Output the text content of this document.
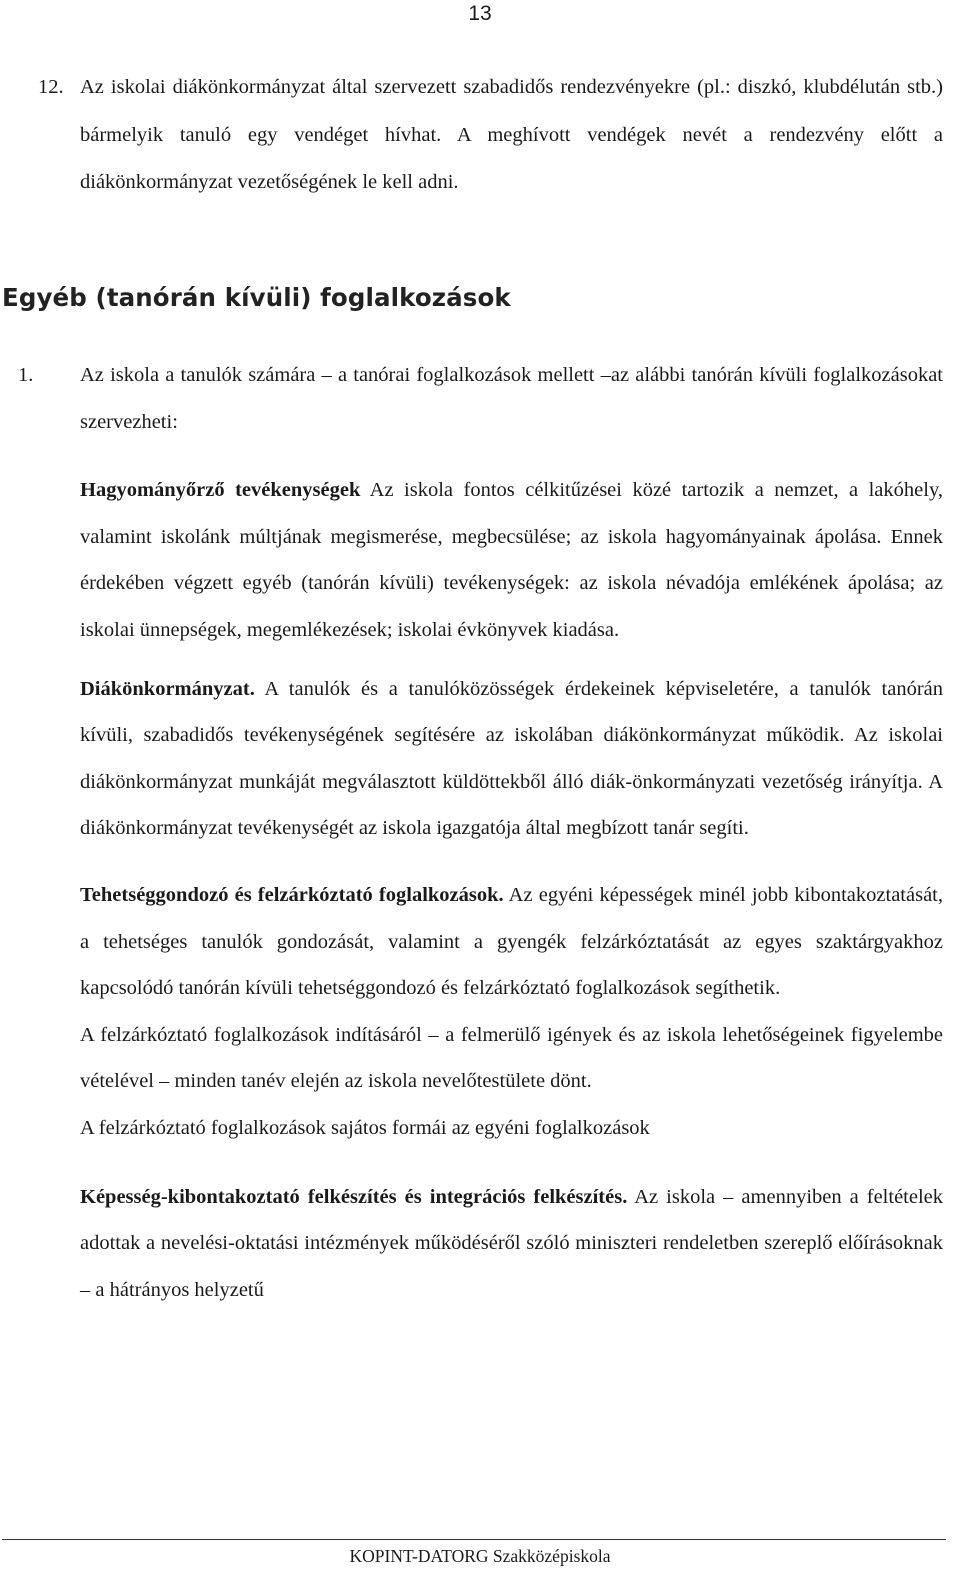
13
12. Az iskolai diákönkormányzat által szervezett szabadidős rendezvényekre (pl.: diszkó, klubdélután stb.) bármelyik tanuló egy vendéget hívhat. A meghívott vendégek nevét a rendezvény előtt a diákönkormányzat vezetőségének le kell adni.
Egyéb (tanórán kívüli) foglalkozások

1. Az iskola a tanulók számára – a tanórai foglalkozások mellett –az alábbi tanórán kívüli foglalkozásokat szervezheti:

Hagyományőrző tevékenységek Az iskola fontos célkitűzései közé tartozik a nemzet, a lakóhely, valamint iskolánk múltjának megismerése, megbecsülése; az iskola hagyományainak ápolása. Ennek érdekében végzett egyéb (tanórán kívüli) tevékenységek: az iskola névadója emlékének ápolása; az iskolai ünnepségek, megemlékezések; iskolai évkönyvek kiadása.

Diákönkormányzat. A tanulók és a tanulóközösségek érdekeinek képviseletére, a tanulók tanórán kívüli, szabadidős tevékenységének segítésére az iskolában diákönkormányzat működik. Az iskolai diákönkormányzat munkáját megválasztott küldöttekből álló diák-önkormányzati vezetőség irányítja. A diákönkormányzat tevékenységét az iskola igazgatója által megbízott tanár segíti.

Tehetséggondozó és felzárkóztató foglalkozások. Az egyéni képességek minél jobb kibontakoztatását, a tehetséges tanulók gondozását, valamint a gyengék felzárkóztatását az egyes szaktárgyakhoz kapcsolódó tanórán kívüli tehetséggondozó és felzárkóztató foglalkozások segíthetik.

A felzárkóztató foglalkozások indításáról – a felmerülő igények és az iskola lehetőségeinek figyelembe vételével – minden tanév elején az iskola nevelőtestülete dönt.

A felzárkóztató foglalkozások sajátos formái az egyéni foglalkozások

Képesség-kibontakoztató felkészítés és integrációs felkészítés. Az iskola – amennyiben a feltételek adottak a nevelési-oktatási intézmények működéséről szóló miniszteri rendeletben szereplő előírásoknak – a hátrányos helyzetű

KOPINT-DATORG Szakközépiskola
